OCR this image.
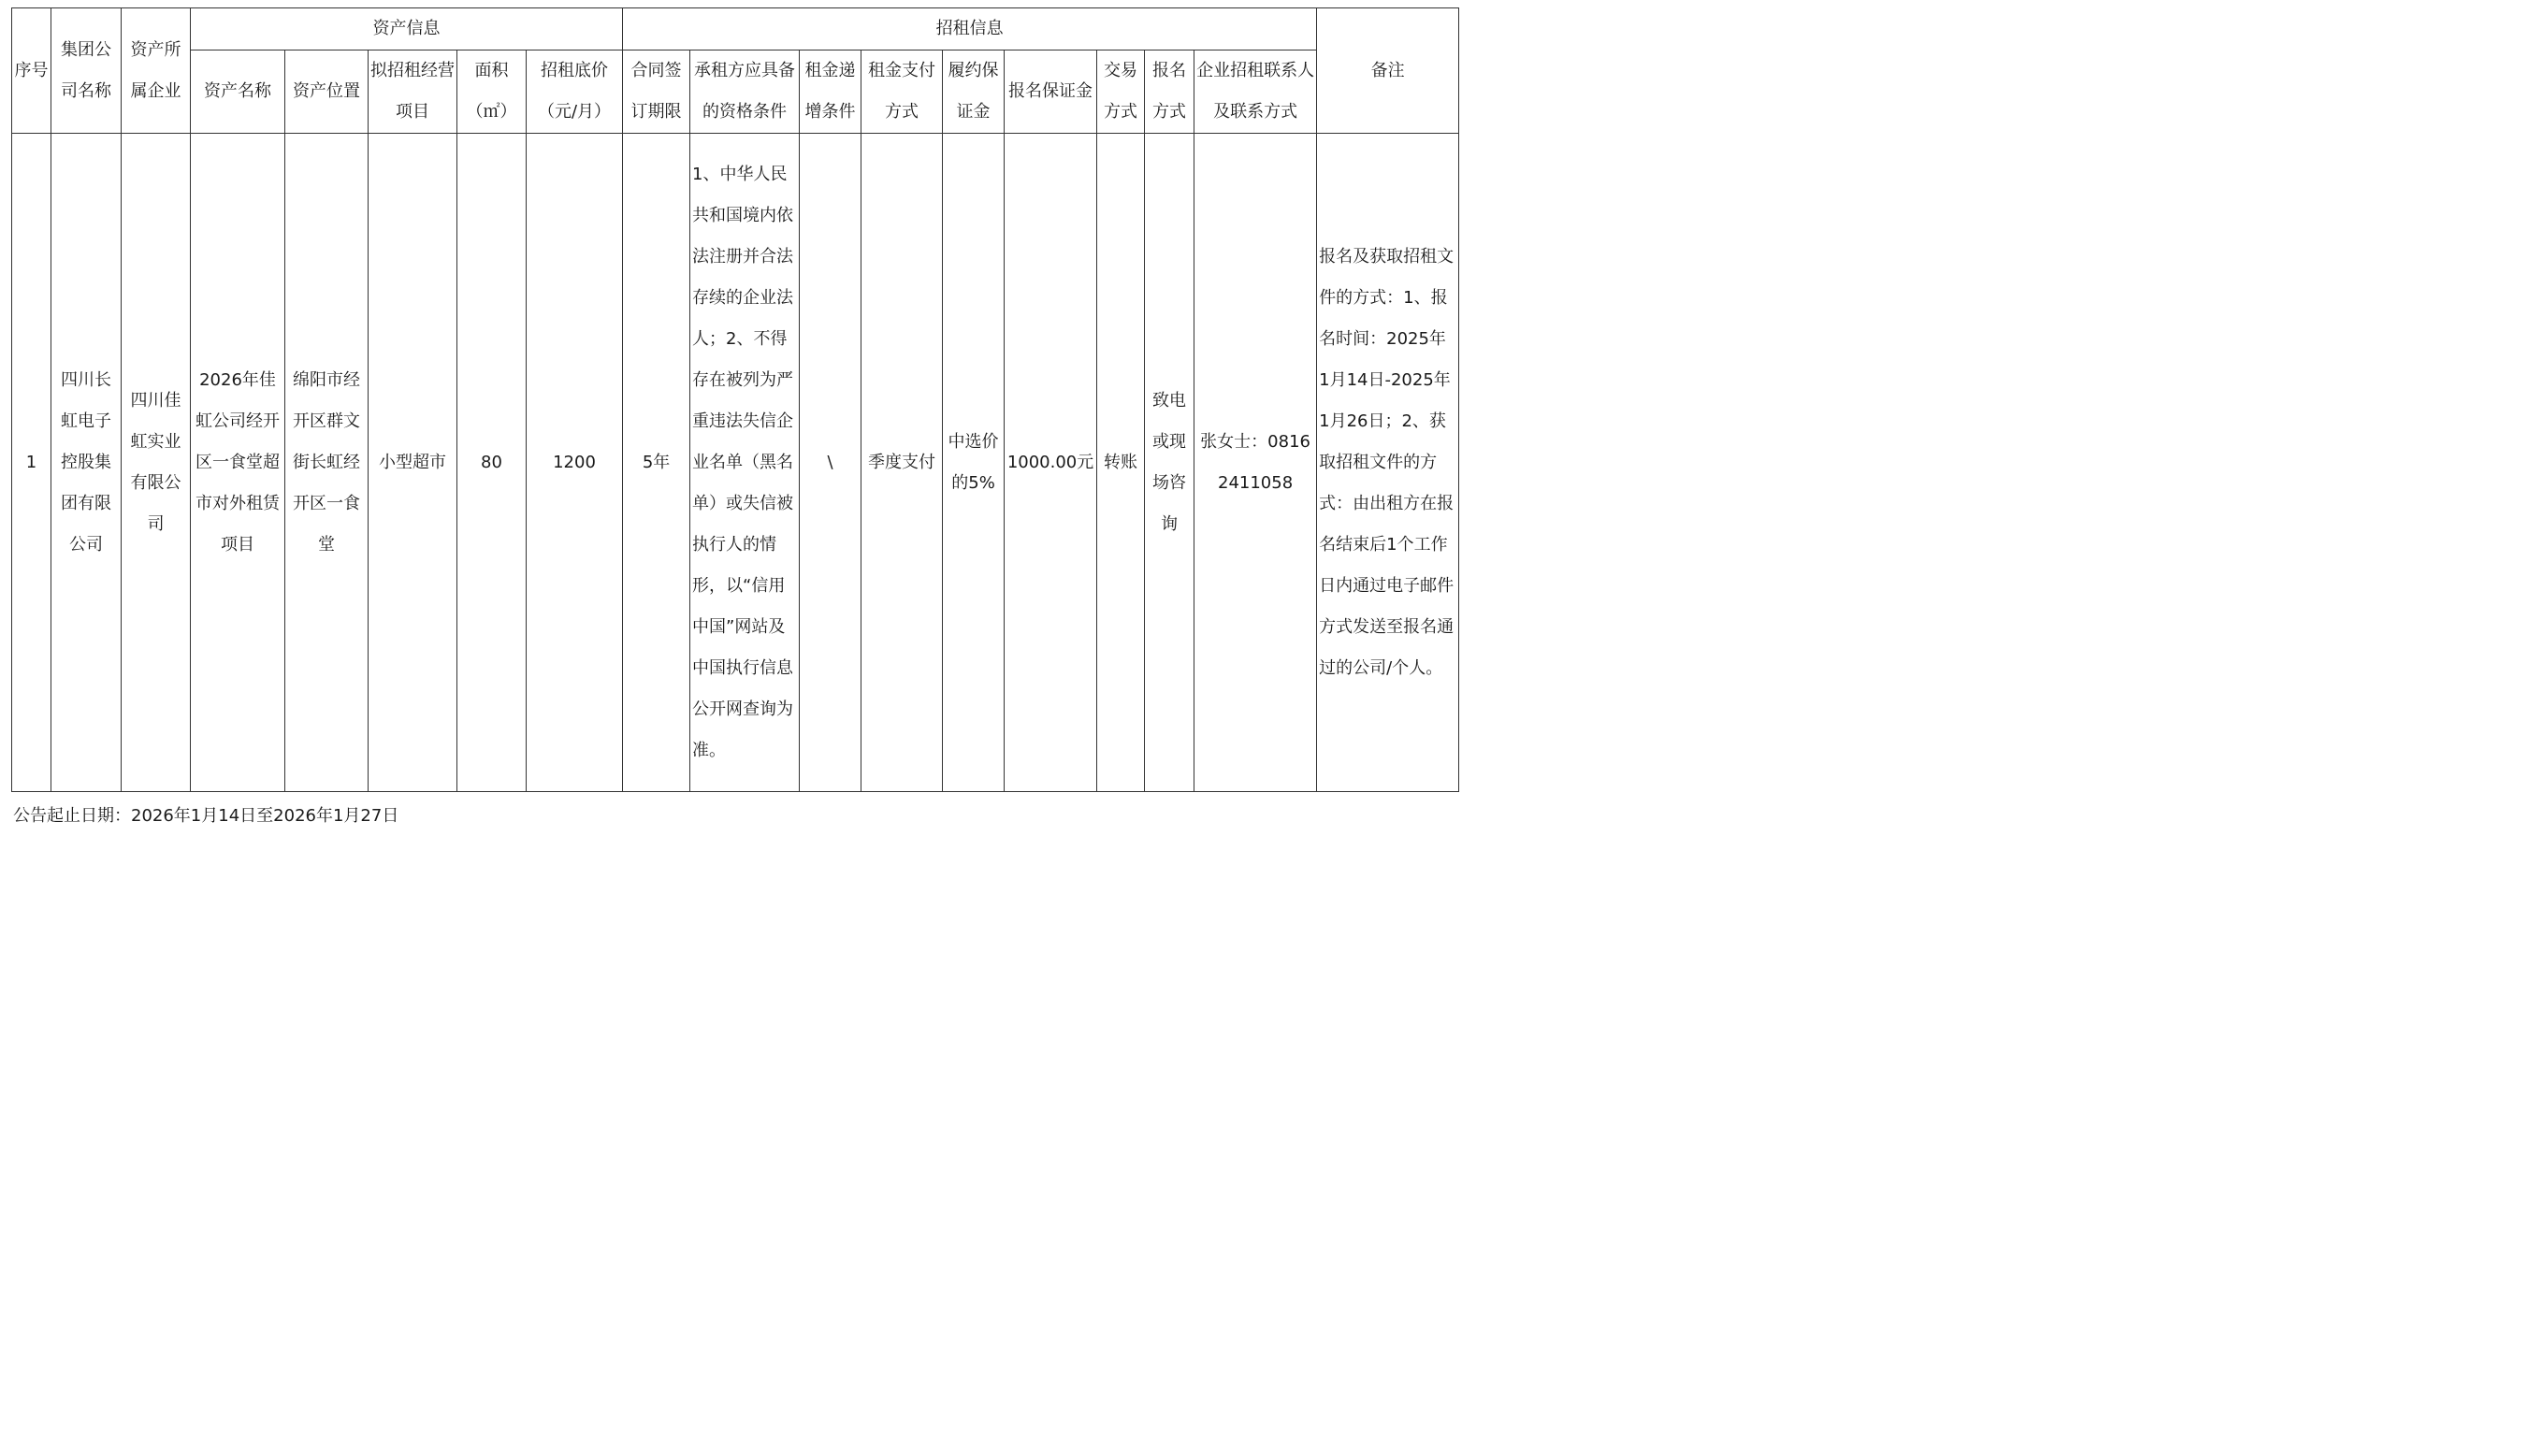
序号	集团公司名称	资产所属企业	资产信息					招租信息									备注
			资产名称	资产位置	拟招租经营项目	面积（㎡）	招租底价（元/月）	合同签订期限	承租方应具备的资格条件	租金递增条件	租金支付方式	履约保证金	报名保证金	交易方式	报名方式	企业招租联系人及联系方式	
1	四川长虹电子控股集团有限公司	四川佳虹实业有限公司	2026年佳虹公司经开区一食堂超市对外租赁项目	绵阳市经开区群文街长虹经开区一食堂	小型超市	80	1200	5年	1、中华人民共和国境内依法注册并合法存续的企业法人；2、不得存在被列为严重违法失信企业名单（黑名单）或失信被执行人的情形，以“信用中国”网站及中国执行信息公开网查询为准。	\	季度支付	中选价的5%	1000.00元	转账	致电或现场咨询	张女士：08162411058	报名及获取招租文件的方式：1、报名时间：2025年1月14日-2025年1月26日；2、获取招租文件的方式：由出租方在报名结束后1个工作日内通过电子邮件方式发送至报名通过的公司/个人。
公告起止日期：2026年1月14日至2026年1月27日
